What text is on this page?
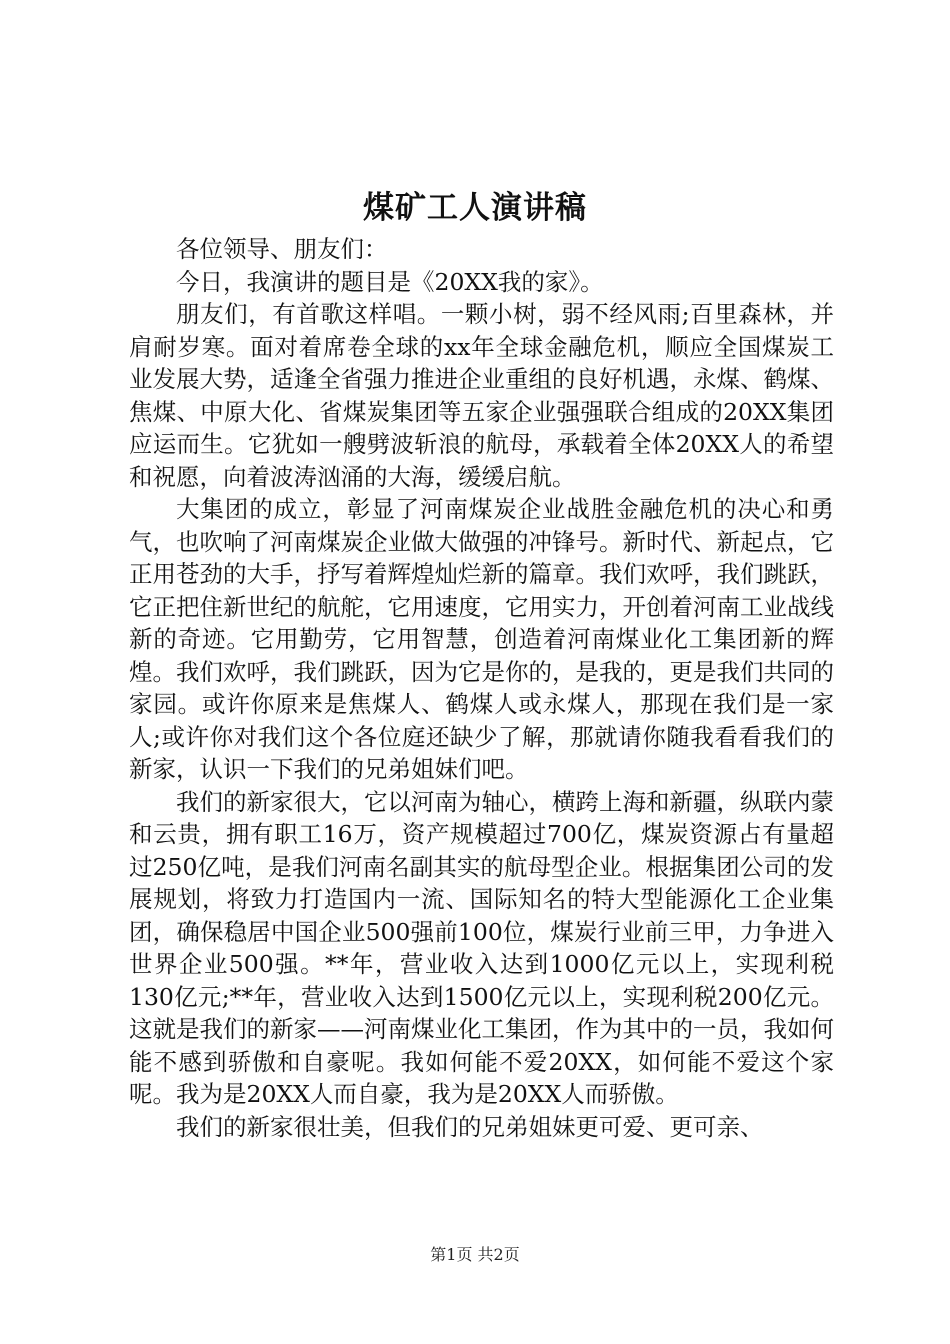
煤矿工人演讲稿

各位领导、朋友们：

今日，我演讲的题目是《20XX我的家》。

朋友们，有首歌这样唱。一颗小树，弱不经风雨;百里森林，并肩耐岁寒。面对着席卷全球的xx年全球金融危机，顺应全国煤炭工业发展大势，适逢全省强力推进企业重组的良好机遇，永煤、鹤煤、焦煤、中原大化、省煤炭集团等五家企业强强联合组成的20XX集团应运而生。它犹如一艘劈波斩浪的航母，承载着全体20XX人的希望和祝愿，向着波涛汹涌的大海，缓缓启航。

大集团的成立，彰显了河南煤炭企业战胜金融危机的决心和勇气，也吹响了河南煤炭企业做大做强的冲锋号。新时代、新起点，它正用苍劲的大手，抒写着辉煌灿烂新的篇章。我们欢呼，我们跳跃，它正把住新世纪的航舵，它用速度，它用实力，开创着河南工业战线新的奇迹。它用勤劳，它用智慧，创造着河南煤业化工集团新的辉煌。我们欢呼，我们跳跃，因为它是你的，是我的，更是我们共同的家园。或许你原来是焦煤人、鹤煤人或永煤人，那现在我们是一家人;或许你对我们这个各位庭还缺少了解，那就请你随我看看我们的新家，认识一下我们的兄弟姐妹们吧。

我们的新家很大，它以河南为轴心，横跨上海和新疆，纵联内蒙和云贵，拥有职工16万，资产规模超过700亿，煤炭资源占有量超过250亿吨，是我们河南名副其实的航母型企业。根据集团公司的发展规划，将致力打造国内一流、国际知名的特大型能源化工企业集团，确保稳居中国企业500强前100位，煤炭行业前三甲，力争进入世界企业500强。**年，营业收入达到1000亿元以上，实现利税130亿元;**年，营业收入达到1500亿元以上，实现利税200亿元。这就是我们的新家——河南煤业化工集团，作为其中的一员，我如何能不感到骄傲和自豪呢。我如何能不爱20XX，如何能不爱这个家呢。我为是20XX人而自豪，我为是20XX人而骄傲。

我们的新家很壮美，但我们的兄弟姐妹更可爱、更可亲、

第1页 共2页
